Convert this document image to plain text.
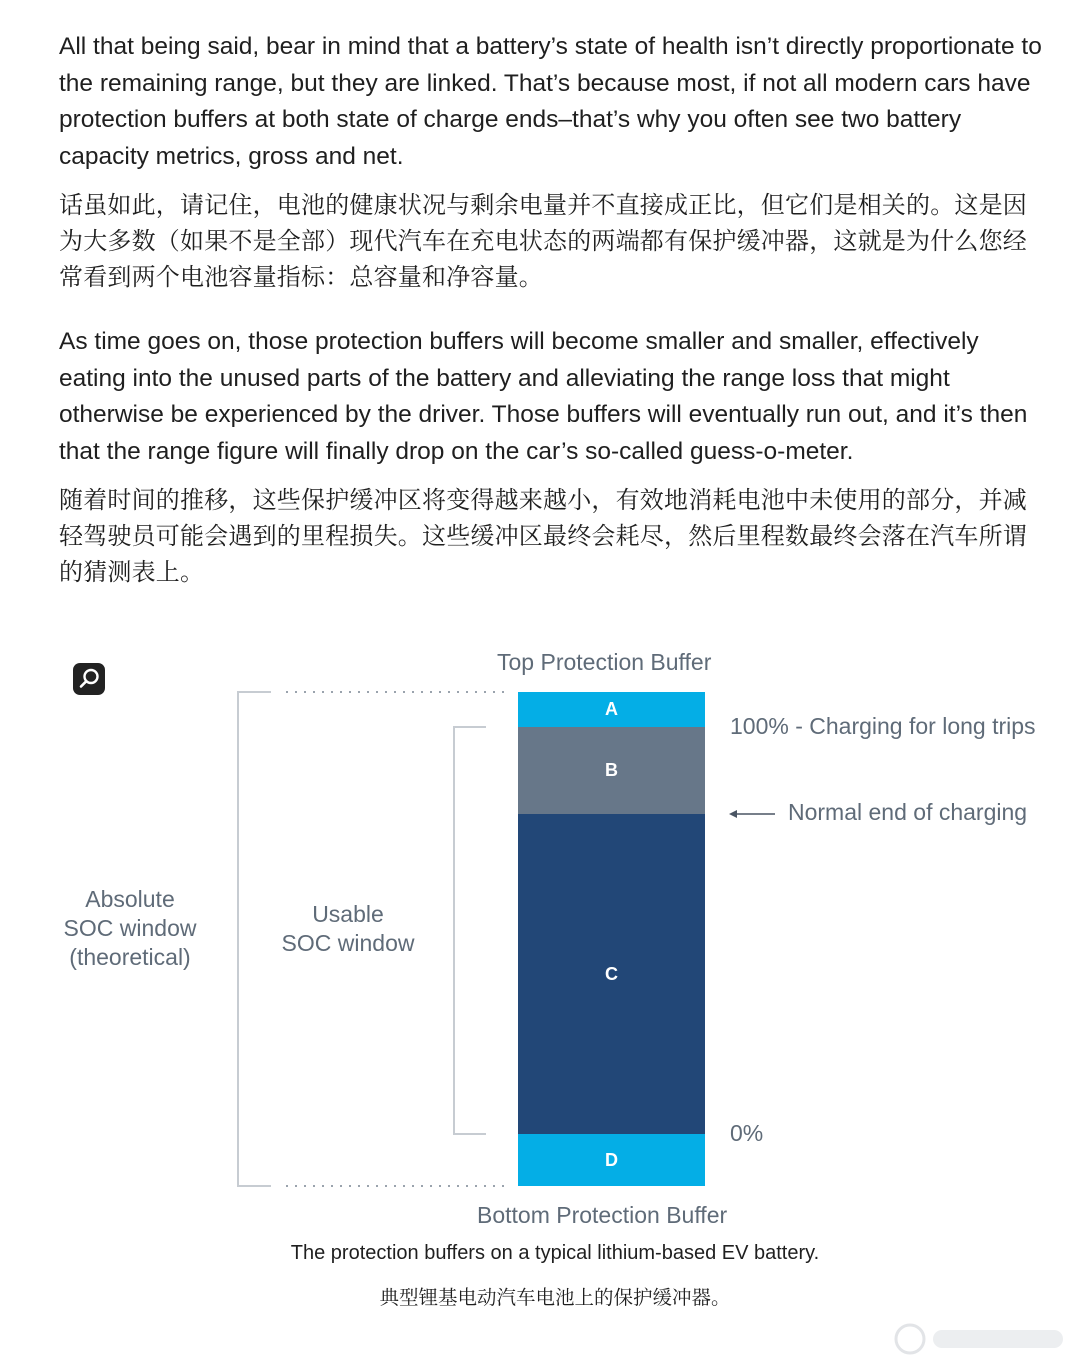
All that being said, bear in mind that a battery’s state of health isn’t directly proportionate to the remaining range, but they are linked. That’s because most, if not all modern cars have protection buffers at both state of charge ends–that’s why you often see two battery capacity metrics, gross and net.

话虽如此，请记住，电池的健康状况与剩余电量并不直接成正比，但它们是相关的。这是因为大多数（如果不是全部）现代汽车在充电状态的两端都有保护缓冲器，这就是为什么您经常看到两个电池容量指标：总容量和净容量。

As time goes on, those protection buffers will become smaller and smaller, effectively eating into the unused parts of the battery and alleviating the range loss that might otherwise be experienced by the driver. Those buffers will eventually run out, and it’s then that the range figure will finally drop on the car’s so-called guess-o-meter.

随着时间的推移，这些保护缓冲区将变得越来越小，有效地消耗电池中未使用的部分，并减轻驾驶员可能会遇到的里程损失。这些缓冲区最终会耗尽，然后里程数最终会落在汽车所谓的猜测表上。

Top Protection Buffer
A
B
C
D
Absolute
SOC window
(theoretical)
Usable
SOC window
100% - Charging for long trips
Normal end of charging
0%
Bottom Protection Buffer
The protection buffers on a typical lithium-based EV battery.
典型锂基电动汽车电池上的保护缓冲器。
